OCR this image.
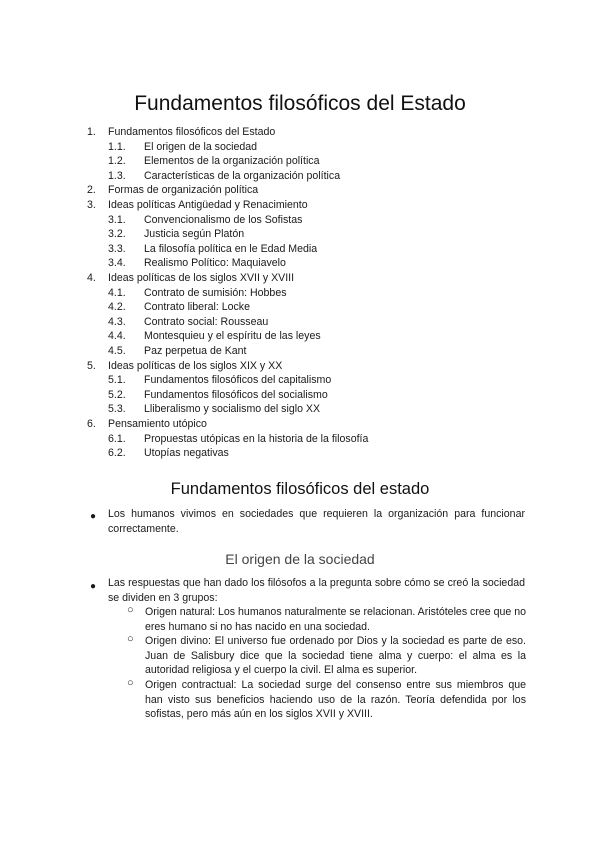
Fundamentos filosóficos del Estado
1. Fundamentos filosóficos del Estado
1.1. El origen de la sociedad
1.2. Elementos de la organización política
1.3. Características de la organización política
2. Formas de organización política
3. Ideas políticas Antigüedad y Renacimiento
3.1. Convencionalismo de los Sofistas
3.2. Justicia según Platón
3.3. La filosofía política en le Edad Media
3.4. Realismo Político: Maquiavelo
4. Ideas políticas de los siglos XVII y XVIII
4.1. Contrato de sumisión: Hobbes
4.2. Contrato liberal: Locke
4.3. Contrato social: Rousseau
4.4. Montesquieu y el espíritu de las leyes
4.5. Paz perpetua de Kant
5. Ideas políticas de los siglos XIX y XX
5.1. Fundamentos filosóficos del capitalismo
5.2. Fundamentos filosóficos del socialismo
5.3. Lliberalismo y socialismo del siglo XX
6. Pensamiento utópico
6.1. Propuestas utópicas en la historia de la filosofía
6.2. Utopías negativas
Fundamentos filosóficos del estado
● Los humanos vivimos en sociedades que requieren la organización para funcionar correctamente.
El origen de la sociedad
● Las respuestas que han dado los filósofos a la pregunta sobre cómo se creó la sociedad se dividen en 3 grupos:
○ Origen natural: Los humanos naturalmente se relacionan. Aristóteles cree que no eres humano si no has nacido en una sociedad.
○ Origen divino: El universo fue ordenado por Dios y la sociedad es parte de eso. Juan de Salisbury dice que la sociedad tiene alma y cuerpo: el alma es la autoridad religiosa y el cuerpo la civil. El alma es superior.
○ Origen contractual: La sociedad surge del consenso entre sus miembros que han visto sus beneficios haciendo uso de la razón. Teoría defendida por los sofistas, pero más aún en los siglos XVII y XVIII.
